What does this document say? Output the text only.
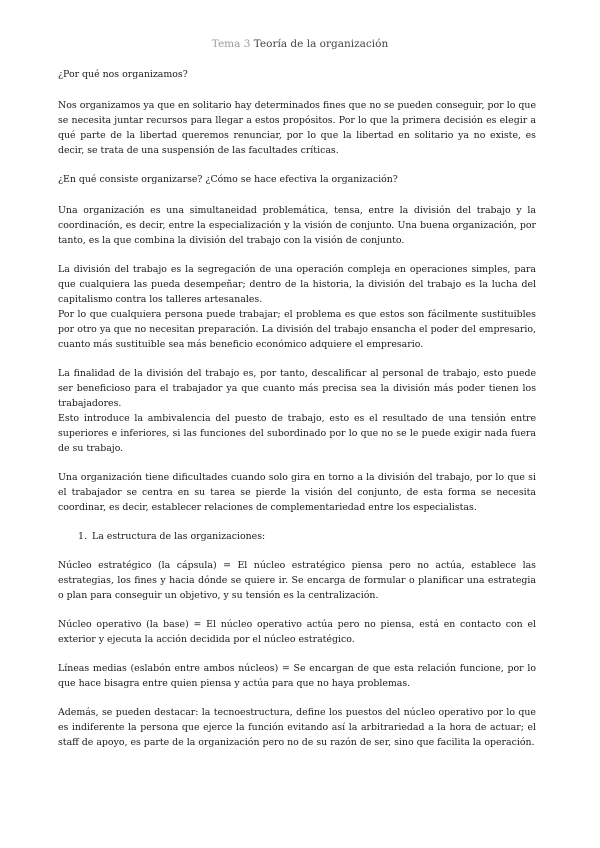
Tema 3 Teoría de la organización

¿Por qué nos organizamos?

Nos organizamos ya que en solitario hay determinados fines que no se pueden conseguir, por lo que se necesita juntar recursos para llegar a estos propósitos. Por lo que la primera decisión es elegir a qué parte de la libertad queremos renunciar, por lo que la libertad en solitario ya no existe, es decir, se trata de una suspensión de las facultades críticas.

¿En qué consiste organizarse? ¿Cómo se hace efectiva la organización?

Una organización es una simultaneidad problemática, tensa, entre la división del trabajo y la coordinación, es decir, entre la especialización y la visión de conjunto. Una buena organización, por tanto, es la que combina la división del trabajo con la visión de conjunto.

La división del trabajo es la segregación de una operación compleja en operaciones simples, para que cualquiera las pueda desempeñar; dentro de la historia, la división del trabajo es la lucha del capitalismo contra los talleres artesanales.

Por lo que cualquiera persona puede trabajar; el problema es que estos son fácilmente sustituibles por otro ya que no necesitan preparación. La división del trabajo ensancha el poder del empresario, cuanto más sustituible sea más beneficio económico adquiere el empresario.

La finalidad de la división del trabajo es, por tanto, descalificar al personal de trabajo, esto puede ser beneficioso para el trabajador ya que cuanto más precisa sea la división más poder tienen los trabajadores.

Esto introduce la ambivalencia del puesto de trabajo, esto es el resultado de una tensión entre superiores e inferiores, si las funciones del subordinado por lo que no se le puede exigir nada fuera de su trabajo.

Una organización tiene dificultades cuando solo gira en torno a la división del trabajo, por lo que si el trabajador se centra en su tarea se pierde la visión del conjunto, de esta forma se necesita coordinar, es decir, establecer relaciones de complementariedad entre los especialistas.

1. La estructura de las organizaciones:

Núcleo estratégico (la cápsula) = El núcleo estratégico piensa pero no actúa, establece las estrategias, los fines y hacia dónde se quiere ir. Se encarga de formular o planificar una estrategia o plan para conseguir un objetivo, y su tensión es la centralización.

Núcleo operativo (la base) = El núcleo operativo actúa pero no piensa, está en contacto con el exterior y ejecuta la acción decidida por el núcleo estratégico.

Líneas medias (eslabón entre ambos núcleos) = Se encargan de que esta relación funcione, por lo que hace bisagra entre quien piensa y actúa para que no haya problemas.

Además, se pueden destacar: la tecnoestructura, define los puestos del núcleo operativo por lo que es indiferente la persona que ejerce la función evitando así la arbitrariedad a la hora de actuar; el staff de apoyo, es parte de la organización pero no de su razón de ser, sino que facilita la operación.
